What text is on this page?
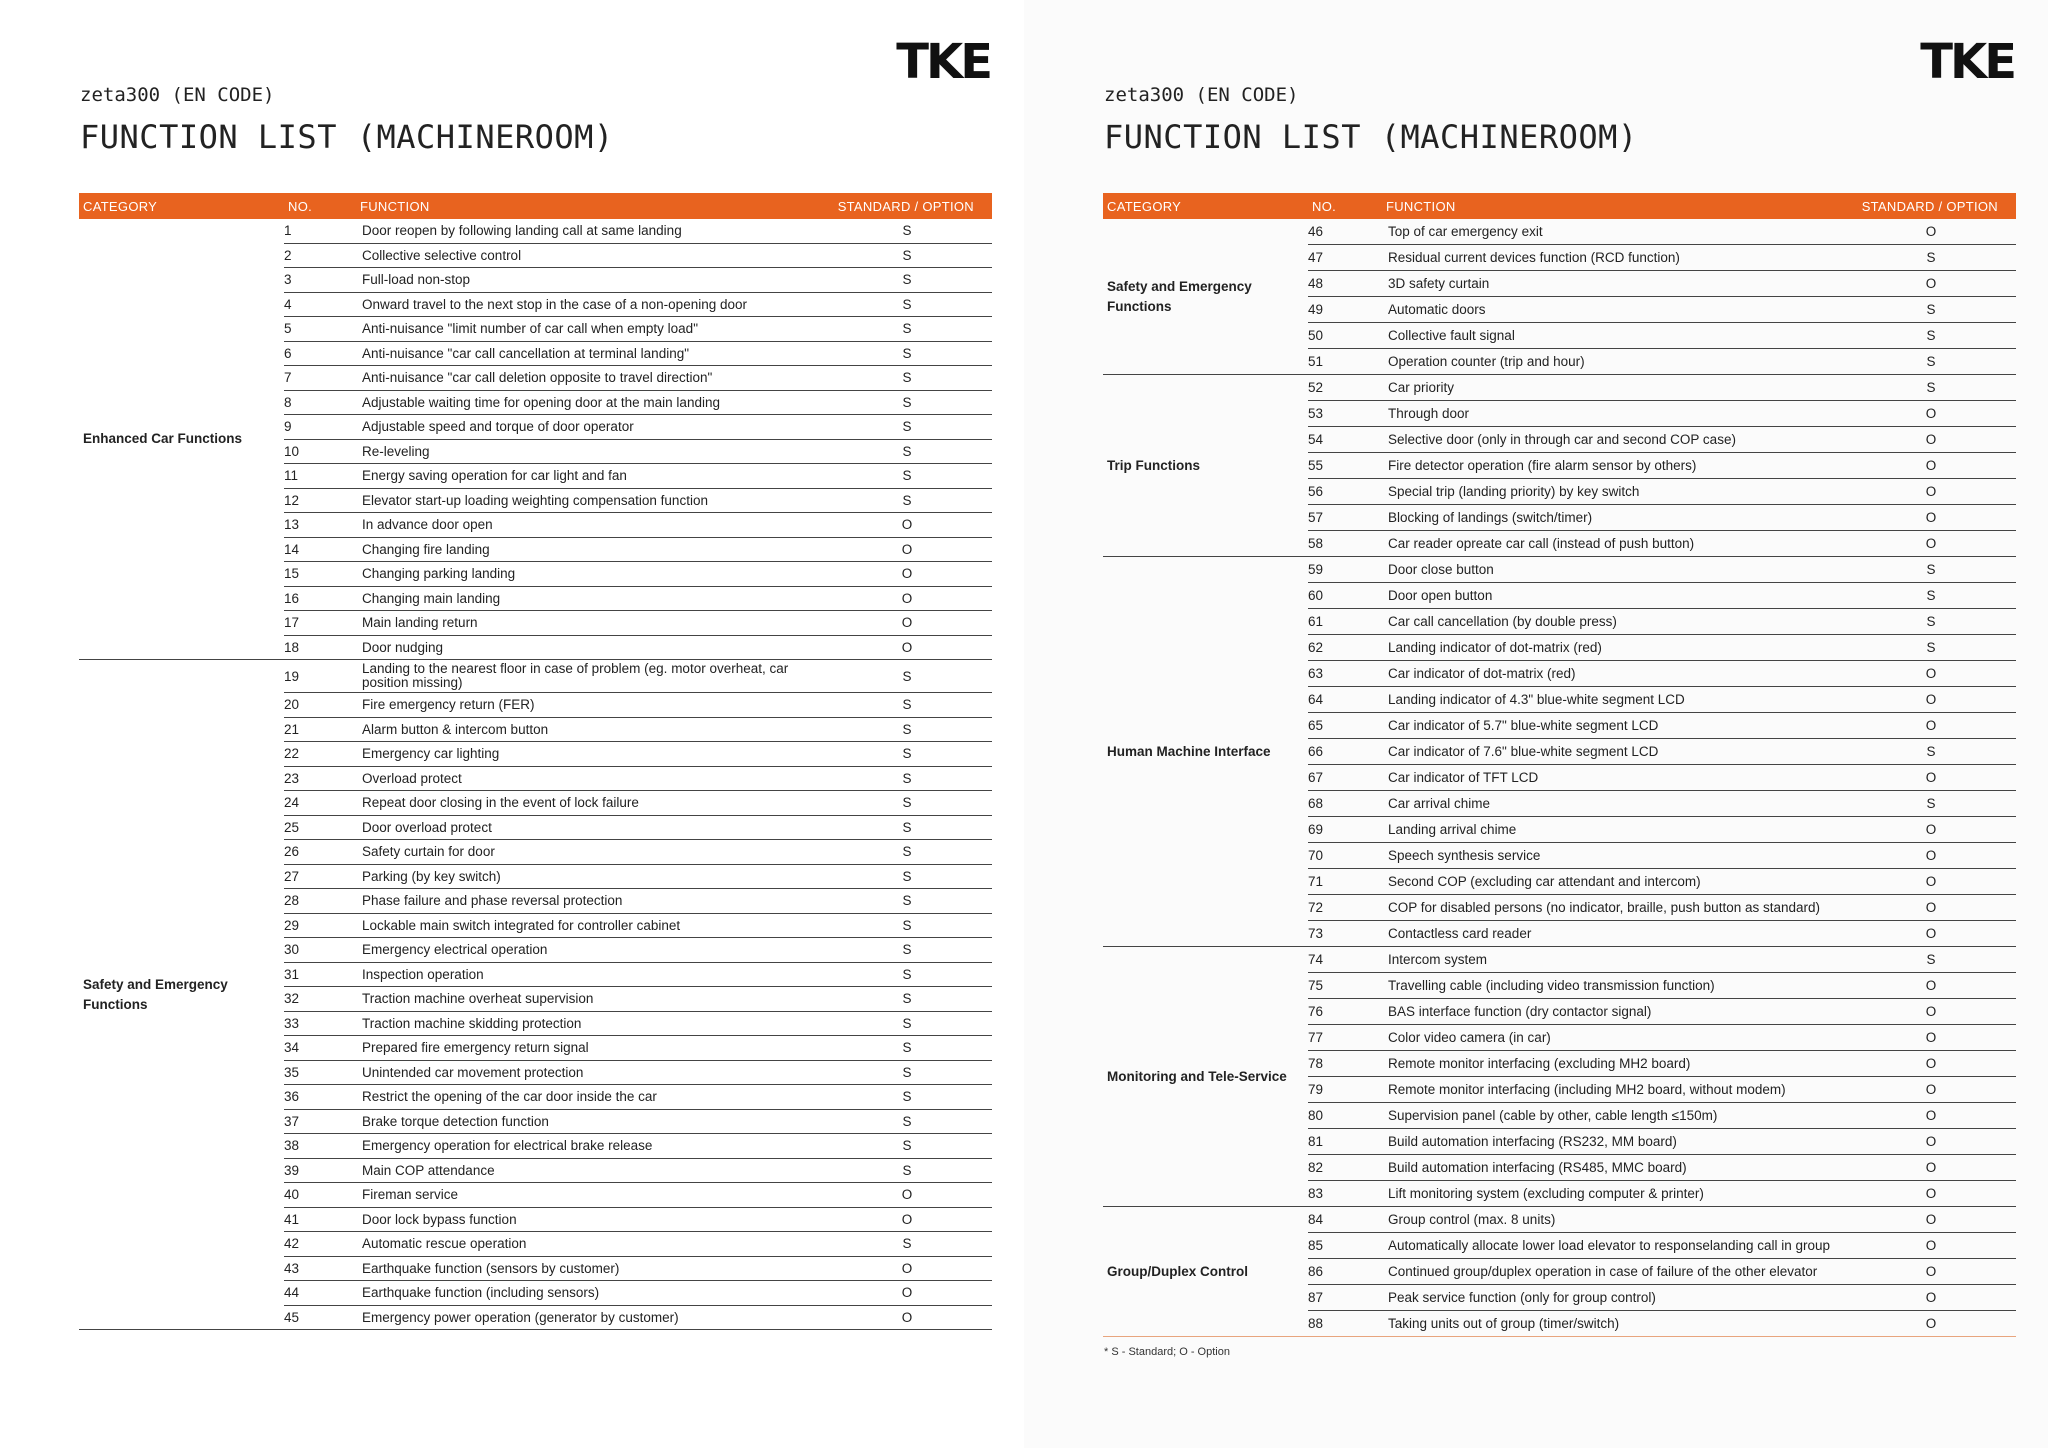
TKE
zeta300 (EN CODE)
FUNCTION LIST (MACHINEROOM)
CATEGORY	NO.	FUNCTION	STANDARD / OPTION
Enhanced Car Functions	1	Door reopen by following landing call at same landing	S
	2	Collective selective control	S
	3	Full-load non-stop	S
	4	Onward travel to the next stop in the case of a non-opening door	S
	5	Anti-nuisance "limit number of car call when empty load"	S
	6	Anti-nuisance "car call cancellation at terminal landing"	S
	7	Anti-nuisance "car call deletion opposite to travel direction"	S
	8	Adjustable waiting time for opening door at the main landing	S
	9	Adjustable speed and torque of door operator	S
	10	Re-leveling	S
	11	Energy saving operation for car light and fan	S
	12	Elevator start-up loading weighting compensation function	S
	13	In advance door open	O
	14	Changing fire landing	O
	15	Changing parking landing	O
	16	Changing main landing	O
	17	Main landing return	O
	18	Door nudging	O
Safety and Emergency Functions	19	Landing to the nearest floor in case of problem (eg. motor overheat, car position missing)	S
	20	Fire emergency return (FER)	S
	21	Alarm button & intercom button	S
	22	Emergency car lighting	S
	23	Overload protect	S
	24	Repeat door closing in the event of lock failure	S
	25	Door overload protect	S
	26	Safety curtain for door	S
	27	Parking (by key switch)	S
	28	Phase failure and phase reversal protection	S
	29	Lockable main switch integrated for controller cabinet	S
	30	Emergency electrical operation	S
	31	Inspection operation	S
	32	Traction machine overheat supervision	S
	33	Traction machine skidding protection	S
	34	Prepared fire emergency return signal	S
	35	Unintended car movement protection	S
	36	Restrict the opening of the car door inside the car	S
	37	Brake torque detection function	S
	38	Emergency operation for electrical brake release	S
	39	Main COP attendance	S
	40	Fireman service	O
	41	Door lock bypass function	O
	42	Automatic rescue operation	S
	43	Earthquake function (sensors by customer)	O
	44	Earthquake function (including sensors)	O
	45	Emergency power operation (generator by customer)	O
TKE
zeta300 (EN CODE)
FUNCTION LIST (MACHINEROOM)
CATEGORY	NO.	FUNCTION	STANDARD / OPTION
Safety and Emergency Functions	46	Top of car emergency exit	O
	47	Residual current devices function (RCD function)	S
	48	3D safety curtain	O
	49	Automatic doors	S
	50	Collective fault signal	S
	51	Operation counter (trip and hour)	S
Trip Functions	52	Car priority	S
	53	Through door	O
	54	Selective door (only in through car and second COP case)	O
	55	Fire detector operation (fire alarm sensor by others)	O
	56	Special trip (landing priority) by key switch	O
	57	Blocking of landings (switch/timer)	O
	58	Car reader opreate car call (instead of push button)	O
Human Machine Interface	59	Door close button	S
	60	Door open button	S
	61	Car call cancellation (by double press)	S
	62	Landing indicator of dot-matrix (red)	S
	63	Car indicator of dot-matrix (red)	O
	64	Landing indicator of 4.3" blue-white segment LCD	O
	65	Car indicator of 5.7" blue-white segment LCD	O
	66	Car indicator of 7.6" blue-white segment LCD	S
	67	Car indicator of TFT LCD	O
	68	Car arrival chime	S
	69	Landing arrival chime	O
	70	Speech synthesis service	O
	71	Second COP (excluding car attendant and intercom)	O
	72	COP for disabled persons (no indicator, braille, push button as standard)	O
	73	Contactless card reader	O
Monitoring and Tele-Service	74	Intercom system	S
	75	Travelling cable (including video transmission function)	O
	76	BAS interface function (dry contactor signal)	O
	77	Color video camera (in car)	O
	78	Remote monitor interfacing (excluding MH2 board)	O
	79	Remote monitor interfacing (including MH2 board, without modem)	O
	80	Supervision panel (cable by other, cable length ≤150m)	O
	81	Build automation interfacing (RS232, MM board)	O
	82	Build automation interfacing (RS485, MMC board)	O
	83	Lift monitoring system (excluding computer & printer)	O
Group/Duplex Control	84	Group control (max. 8 units)	O
	85	Automatically allocate lower load elevator to responselanding call in group	O
	86	Continued group/duplex operation in case of failure of the other elevator	O
	87	Peak service function (only for group control)	O
	88	Taking units out of group (timer/switch)	O
* S - Standard; O - Option
